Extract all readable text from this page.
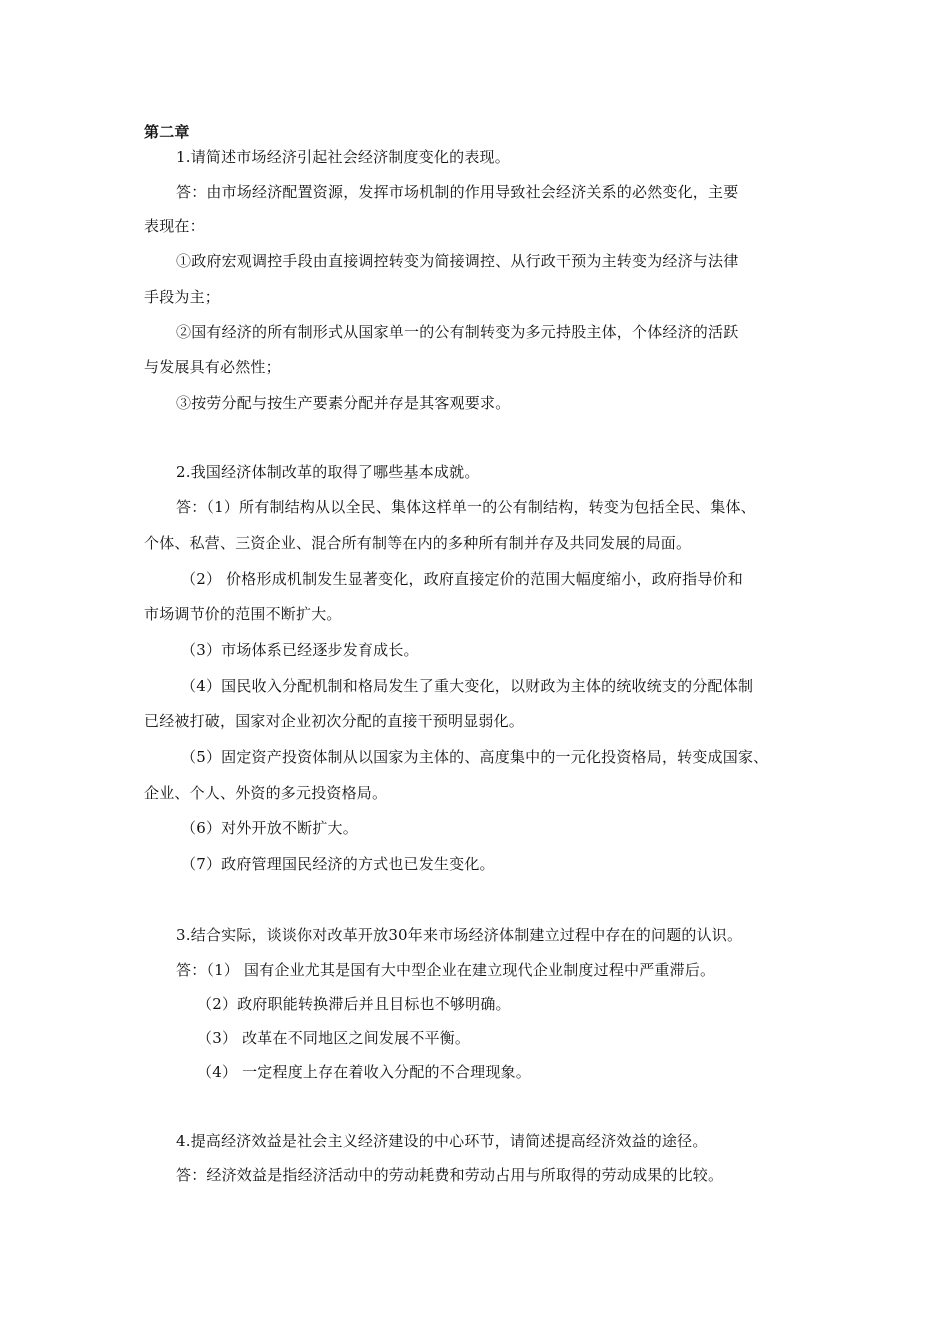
第二章
1.请简述市场经济引起社会经济制度变化的表现。
答：由市场经济配置资源，发挥市场机制的作用导致社会经济关系的必然变化，主要
表现在：
①政府宏观调控手段由直接调控转变为简接调控、从行政干预为主转变为经济与法律
手段为主；
②国有经济的所有制形式从国家单一的公有制转变为多元持股主体，个体经济的活跃
与发展具有必然性；
③按劳分配与按生产要素分配并存是其客观要求。
2.我国经济体制改革的取得了哪些基本成就。
答：（1）所有制结构从以全民、集体这样单一的公有制结构，转变为包括全民、集体、
个体、私营、三资企业、混合所有制等在内的多种所有制并存及共同发展的局面。
（2） 价格形成机制发生显著变化，政府直接定价的范围大幅度缩小，政府指导价和
市场调节价的范围不断扩大。
（3）市场体系已经逐步发育成长。
（4）国民收入分配机制和格局发生了重大变化，以财政为主体的统收统支的分配体制
已经被打破，国家对企业初次分配的直接干预明显弱化。
（5）固定资产投资体制从以国家为主体的、高度集中的一元化投资格局，转变成国家、
企业、个人、外资的多元投资格局。
（6）对外开放不断扩大。
（7）政府管理国民经济的方式也已发生变化。
3.结合实际，谈谈你对改革开放30年来市场经济体制建立过程中存在的问题的认识。
答：（1） 国有企业尤其是国有大中型企业在建立现代企业制度过程中严重滞后。
（2）政府职能转换滞后并且目标也不够明确。
（3） 改革在不同地区之间发展不平衡。
（4） 一定程度上存在着收入分配的不合理现象。
4.提高经济效益是社会主义经济建设的中心环节，请简述提高经济效益的途径。
答：经济效益是指经济活动中的劳动耗费和劳动占用与所取得的劳动成果的比较。
